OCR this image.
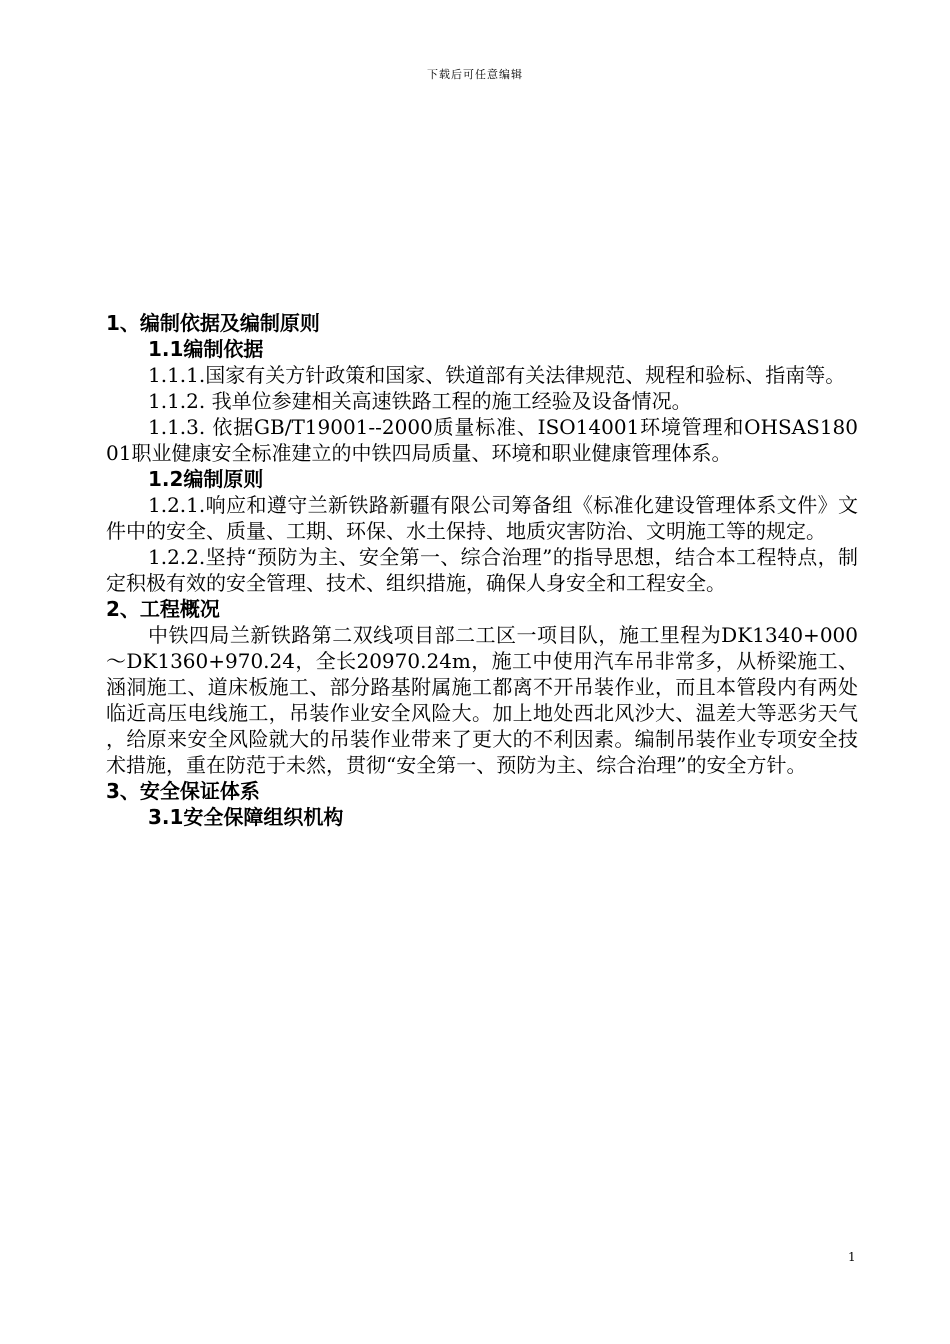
下载后可任意编辑

1、编制依据及编制原则

1.1编制依据

1.1.1.国家有关方针政策和国家、铁道部有关法律规范、规程和验标、指南等。

1.1.2. 我单位参建相关高速铁路工程的施工经验及设备情况。

1.1.3. 依据GB/T19001--2000质量标准、ISO14001环境管理和OHSAS18001职业健康安全标准建立的中铁四局质量、环境和职业健康管理体系。

1.2编制原则

1.2.1.响应和遵守兰新铁路新疆有限公司筹备组《标准化建设管理体系文件》文件中的安全、质量、工期、环保、水土保持、地质灾害防治、文明施工等的规定。

1.2.2.坚持“预防为主、安全第一、综合治理”的指导思想，结合本工程特点，制定积极有效的安全管理、技术、组织措施，确保人身安全和工程安全。

2、工程概况

中铁四局兰新铁路第二双线项目部二工区一项目队，施工里程为DK1340+000～DK1360+970.24，全长20970.24m，施工中使用汽车吊非常多，从桥梁施工、涵洞施工、道床板施工、部分路基附属施工都离不开吊装作业，而且本管段内有两处临近高压电线施工，吊装作业安全风险大。加上地处西北风沙大、温差大等恶劣天气，给原来安全风险就大的吊装作业带来了更大的不利因素。编制吊装作业专项安全技术措施，重在防范于未然，贯彻“安全第一、预防为主、综合治理”的安全方针。

3、安全保证体系

3.1安全保障组织机构

1
